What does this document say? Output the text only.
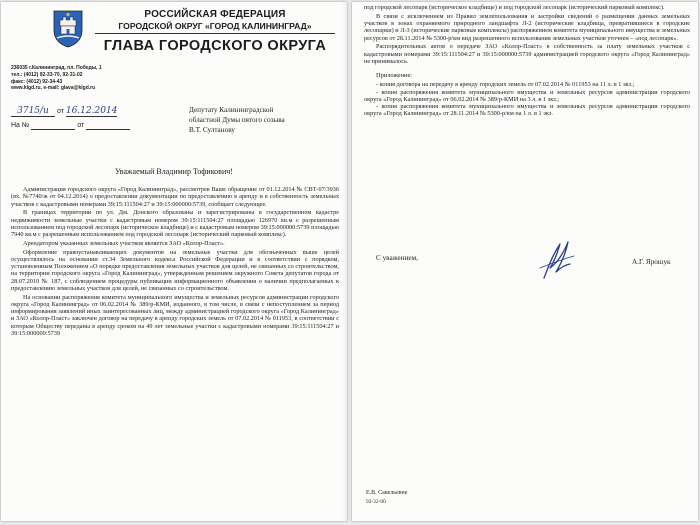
РОССИЙСКАЯ ФЕДЕРАЦИЯ
ГОРОДСКОЙ ОКРУГ «ГОРОД КАЛИНИНГРАД»
ГЛАВА ГОРОДСКОГО ОКРУГА
236035 г.Калининград, пл. Победы, 1
тел.: (4012) 92-33-70, 92-31-02
факс: (4012) 92-34-43
www.klgd.ru, e-mail: glava@klgd.ru
3715/и от 16.12.2014
На №	от
Депутату Калининградской
областной Думы пятого созыва
В.Т. Султанову
Уважаемый Владимир Тофикович!

Администрация городского округа «Город Калининград», рассмотрев Ваше обращение от 01.12.2014 № СВТ-07/3936 (вх. №7740/ж от 04.12.2014) о предоставлении документации по предоставлению в аренду и в собственность земельных участков с кадастровыми номерами 39:15:111504:27 и 39:15:000000:5739, сообщает следующее.

В границах территории по ул. Дм. Донского образованы и зарегистрированы в государственном кадастре недвижимости земельные участки с кадастровым номером 39:15:111504:27 площадью 126970 кв.м с разрешенным использованием под городской лесопарк (историческое кладбище) и с кадастровым номером 39:15:000000:5739 площадью 7940 кв.м с разрешенным использованием под городской лесопарк (исторический парковый комплекс).

Арендатором указанных земельных участков является ЗАО «Колор-Пласт».

Оформление правоустанавливающих документов на земельные участки для обозначенных выше целей осуществлялось на основании ст.34 Земельного кодекса Российской Федерации и в соответствии с порядком, установленным Положением «О порядке предоставления земельных участков для целей, не связанных со строительством, на территории городского округа «Город Калининград», утвержденным решением окружного Совета депутатов города от 28.07.2010 № 187, с соблюдением процедуры публикации информационного объявления о наличии предполагаемых к предоставлению земельных участков для целей, не связанных со строительством.

На основании распоряжения комитета муниципального имущества и земельных ресурсов администрации городского округа «Город Калининград» от 06.02.2014 № 389/р-КМИ, изданного, в том числе, в связи с непоступлением за период информирования заявлений иных заинтересованных лиц, между администрацией городского округа «Город Калининград» и ЗАО «Колор-Пласт» заключен договор на передачу в аренду городских земель от 07.02.2014 № 011953, в соответствии с которым Обществу переданы в аренду сроком на 49 лет земельные участки с кадастровыми номерами 39:15:111504:27 и 39:15:000000:5739

под городской лесопарк (историческое кладбище) и под городской лесопарк (исторический парковый комплекс).

В связи с исключением из Правил землепользования и застройки сведений о размещении данных земельных участков в зонах охраняемого природного ландшафта Л-2 (исторические кладбища, превратившиеся в городские лесопарки) и Л-3 (исторические парковые комплексы) распоряжением комитета муниципального имущества и земельных ресурсов от 28.11.2014 № 5300-р/км вид разрешенного использования земельных участков уточнен – «под лесопарк».

Распорядительных актов о передаче ЗАО «Колор-Пласт» в собственность за плату земельных участков с кадастровыми номерами 39:15:111504:27 и 39:15:000000:5739 администрацией городского округа «Город Калининград» не принималось.

Приложение:

- копия договора на передачу в аренду городских земель от 07.02.2014 № 011953 на 11 л. в 1 экз.;

- копия распоряжения комитета муниципального имущества и земельных ресурсов администрации городского округа «Город Калининград» от 06.02.2014 № 389/р-КМИ на 3 л. в 1 экз.;

- копия распоряжения комитета муниципального имущества и земельных ресурсов администрации городского округа «Город Калининград» от 28.11.2014 № 5300-р/км на 1 л. в 1 экз.

С уважением,	А.Г. Ярошук
Е.В. Савельевне
92-32-00
